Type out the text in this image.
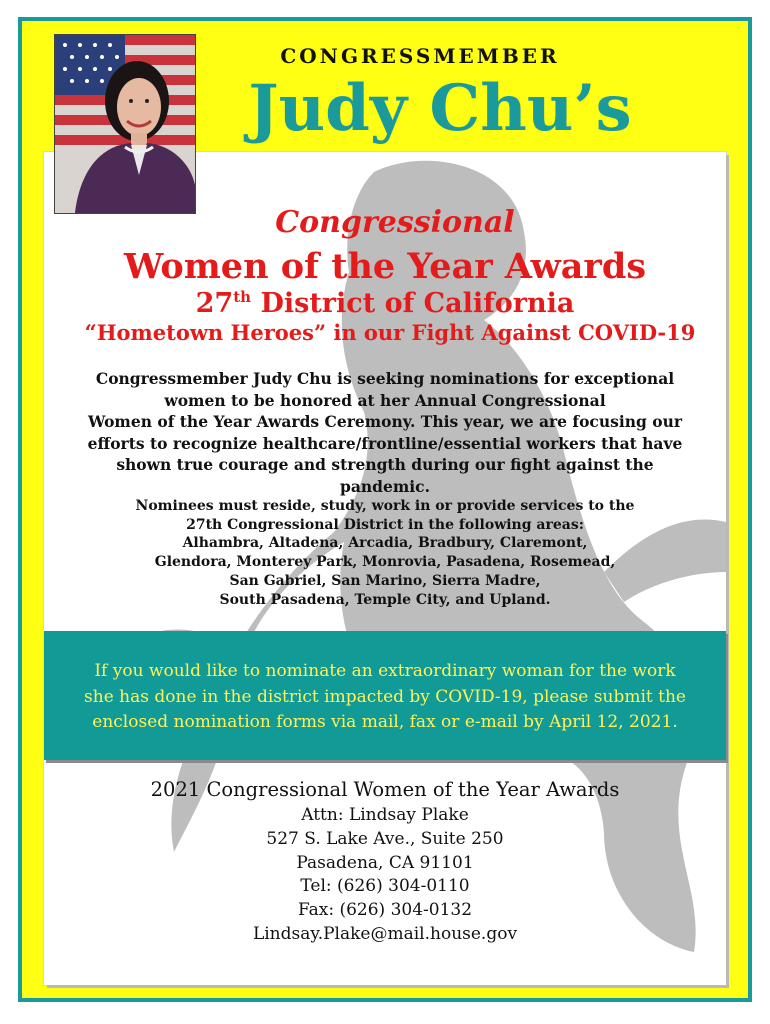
CONGRESSMEMBER
Judy Chu’s
Congressional
Women of the Year Awards
27th District of California
“Hometown Heroes” in our Fight Against COVID-19
Congressmember Judy Chu is seeking nominations for exceptional
women to be honored at her Annual Congressional
Women of the Year Awards Ceremony. This year, we are focusing our
efforts to recognize healthcare/frontline/essential workers that have
shown true courage and strength during our fight against the pandemic.
Nominees must reside, study, work in or provide services to the
27th Congressional District in the following areas:
Alhambra, Altadena, Arcadia, Bradbury, Claremont,
Glendora, Monterey Park, Monrovia, Pasadena, Rosemead,
San Gabriel, San Marino, Sierra Madre,
South Pasadena, Temple City, and Upland.

If you would like to nominate an extraordinary woman for the work
she has done in the district impacted by COVID-19, please submit the
enclosed nomination forms via mail, fax or e-mail by April 12, 2021.

2021 Congressional Women of the Year Awards
Attn: Lindsay Plake
527 S. Lake Ave., Suite 250
Pasadena, CA 91101
Tel: (626) 304-0110
Fax: (626) 304-0132
Lindsay.Plake@mail.house.gov
